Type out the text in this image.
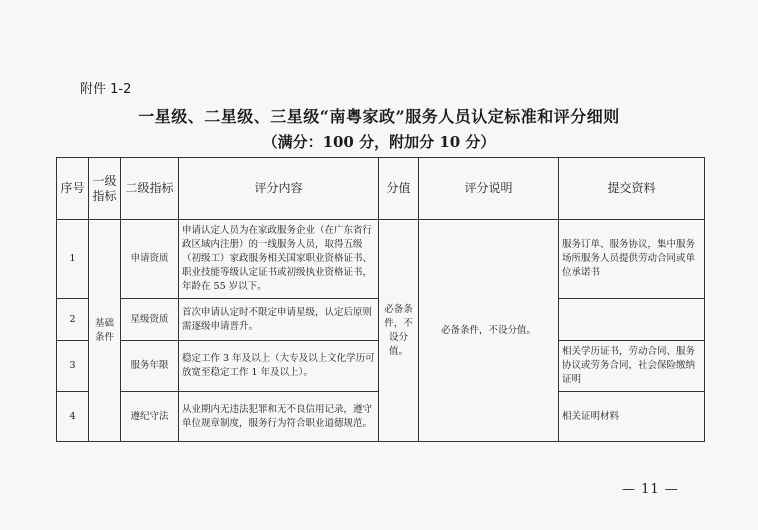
附件 1-2
一星级、二星级、三星级“南粤家政”服务人员认定标准和评分细则
（满分：100 分，附加分 10 分）
序号	一级指标	二级指标	评分内容	分值	评分说明	提交资料
1	基础条件	申请资质	申请认定人员为在家政服务企业（在广东省行政区域内注册）的一线服务人员，取得五级（初级工）家政服务相关国家职业资格证书、职业技能等级认定证书或初级执业资格证书，年龄在 55 岁以下。	必备条件，不设分值。	必备条件，不设分值。	服务订单、服务协议，集中服务场所服务人员提供劳动合同或单位承诺书
2		星级资质	首次申请认定时不限定申请星级，认定后原则需逐级申请晋升。			
3		服务年限	稳定工作 3 年及以上（大专及以上文化学历可放宽至稳定工作 1 年及以上）。			相关学历证书，劳动合同、服务协议或劳务合同，社会保险缴纳证明
4		遵纪守法	从业期内无违法犯罪和无不良信用记录，遵守单位规章制度，服务行为符合职业道德规范。			相关证明材料
— 11 —
